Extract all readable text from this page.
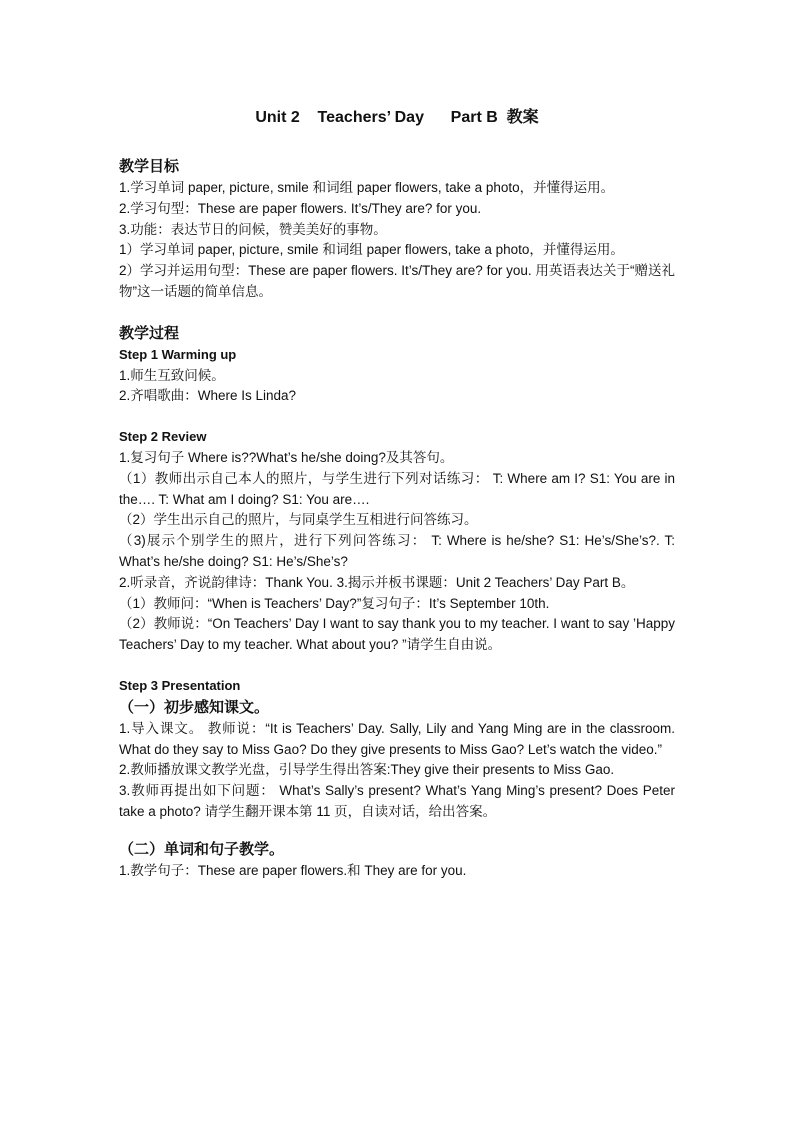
Unit 2    Teachers’ Day      Part B  教案
教学目标

1.学习单词 paper, picture, smile 和词组 paper flowers, take a photo，并懂得运用。

2.学习句型：These are paper flowers. It’s/They are? for you.

3.功能：表达节日的问候，赞美美好的事物。

1）学习单词 paper, picture, smile 和词组 paper flowers, take a photo，并懂得运用。

2）学习并运用句型：These are paper flowers. It’s/They are? for you. 用英语表达关于“赠送礼物”这一话题的简单信息。

教学过程
Step 1 Warming up

1.师生互致问候。

2.齐唱歌曲：Where Is Linda?

Step 2 Review

1.复习句子 Where is??What’s he/she doing?及其答句。

（1）教师出示自己本人的照片，与学生进行下列对话练习： T: Where am I? S1: You are in the…. T: What am I doing? S1: You are….

（2）学生出示自己的照片，与同桌学生互相进行问答练习。

（3)展示个别学生的照片，进行下列问答练习： T: Where is he/she? S1: He’s/She’s?. T: What’s he/she doing? S1: He’s/She’s?

2.听录音，齐说韵律诗：Thank You. 3.揭示并板书课题：Unit 2 Teachers’ Day Part B。

（1）教师问：“When is Teachers’ Day?”复习句子：It’s September 10th.

（2）教师说：“On Teachers’ Day I want to say thank you to my teacher. I want to say ’Happy Teachers’ Day to my teacher. What about you? ”请学生自由说。

Step 3 Presentation
（一）初步感知课文。

1.导入课文。 教师说：“It is Teachers’ Day. Sally, Lily and Yang Ming are in the classroom. What do they say to Miss Gao? Do they give presents to Miss Gao? Let’s watch the video.”

2.教师播放课文教学光盘，引导学生得出答案:They give their presents to Miss Gao.

3.教师再提出如下问题： What’s Sally’s present? What’s Yang Ming’s present? Does Peter take a photo? 请学生翻开课本第 11 页，自读对话，给出答案。

（二）单词和句子教学。

1.教学句子：These are paper flowers.和 They are for you.
